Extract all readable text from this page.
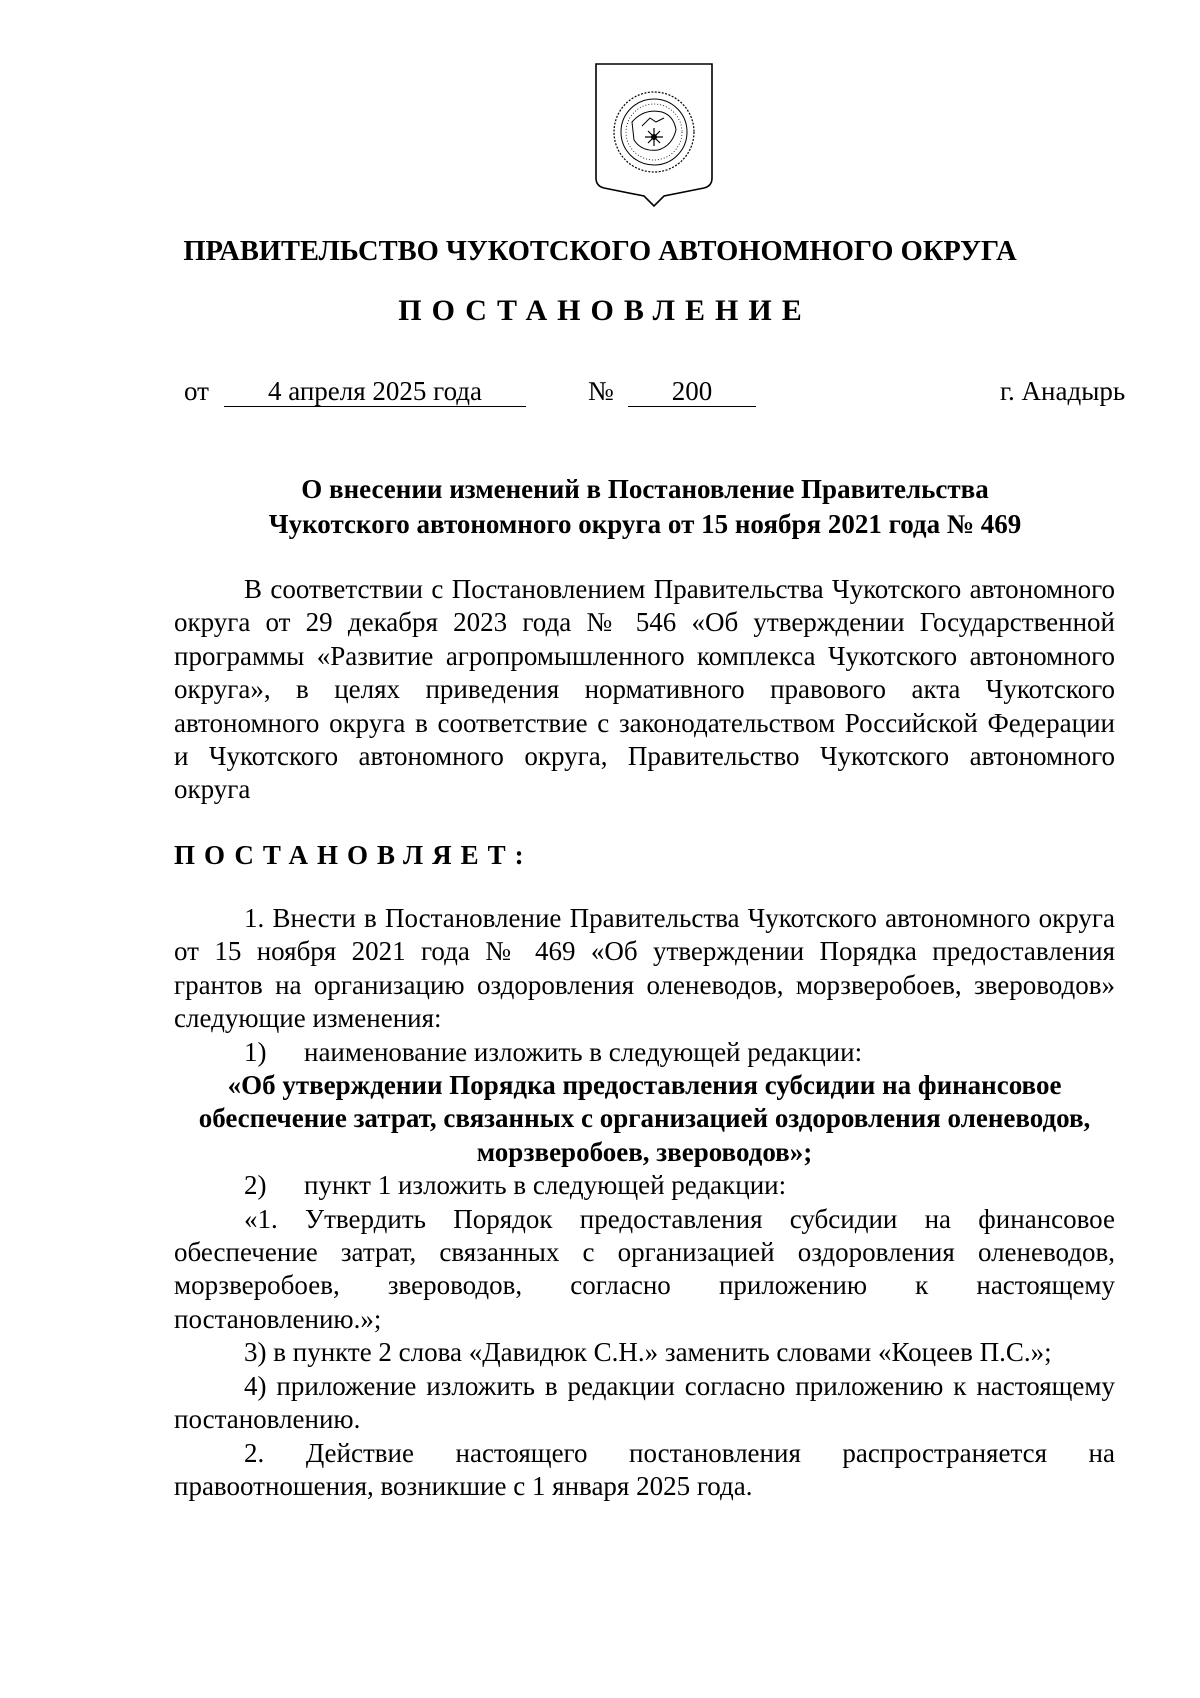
ПРАВИТЕЛЬСТВО ЧУКОТСКОГО АВТОНОМНОГО ОКРУГА
ПОСТАНОВЛЕНИЕ
от	4 апреля 2025 года	№	200	г. Анадырь
О внесении изменений в Постановление Правительства
Чукотского автономного округа от 15 ноября 2021 года № 469
В соответствии с Постановлением Правительства Чукотского автономного округа от 29 декабря 2023 года № 546 «Об утверждении Государственной программы «Развитие агропромышленного комплекса Чукотского автономного округа», в целях приведения нормативного правового акта Чукотского автономного округа в соответствие с законодательством Российской Федерации и Чукотского автономного округа, Правительство Чукотского автономного округа
ПОСТАНОВЛЯЕТ:

1. Внести в Постановление Правительства Чукотского автономного округа от 15 ноября 2021 года № 469 «Об утверждении Порядка предоставления грантов на организацию оздоровления оленеводов, морзверобоев, звероводов» следующие изменения:

1) наименование изложить в следующей редакции:

«Об утверждении Порядка предоставления субсидии на финансовое обеспечение затрат, связанных с организацией оздоровления оленеводов, морзверобоев, звероводов»;

2) пункт 1 изложить в следующей редакции:

«1. Утвердить Порядок предоставления субсидии на финансовое обеспечение затрат, связанных с организацией оздоровления оленеводов, морзверобоев, звероводов, согласно приложению к настоящему постановлению.»;

3) в пункте 2 слова «Давидюк С.Н.» заменить словами «Коцеев П.С.»;

4) приложение изложить в редакции согласно приложению к настоящему постановлению.

2. Действие настоящего постановления распространяется на правоотношения, возникшие с 1 января 2025 года.
